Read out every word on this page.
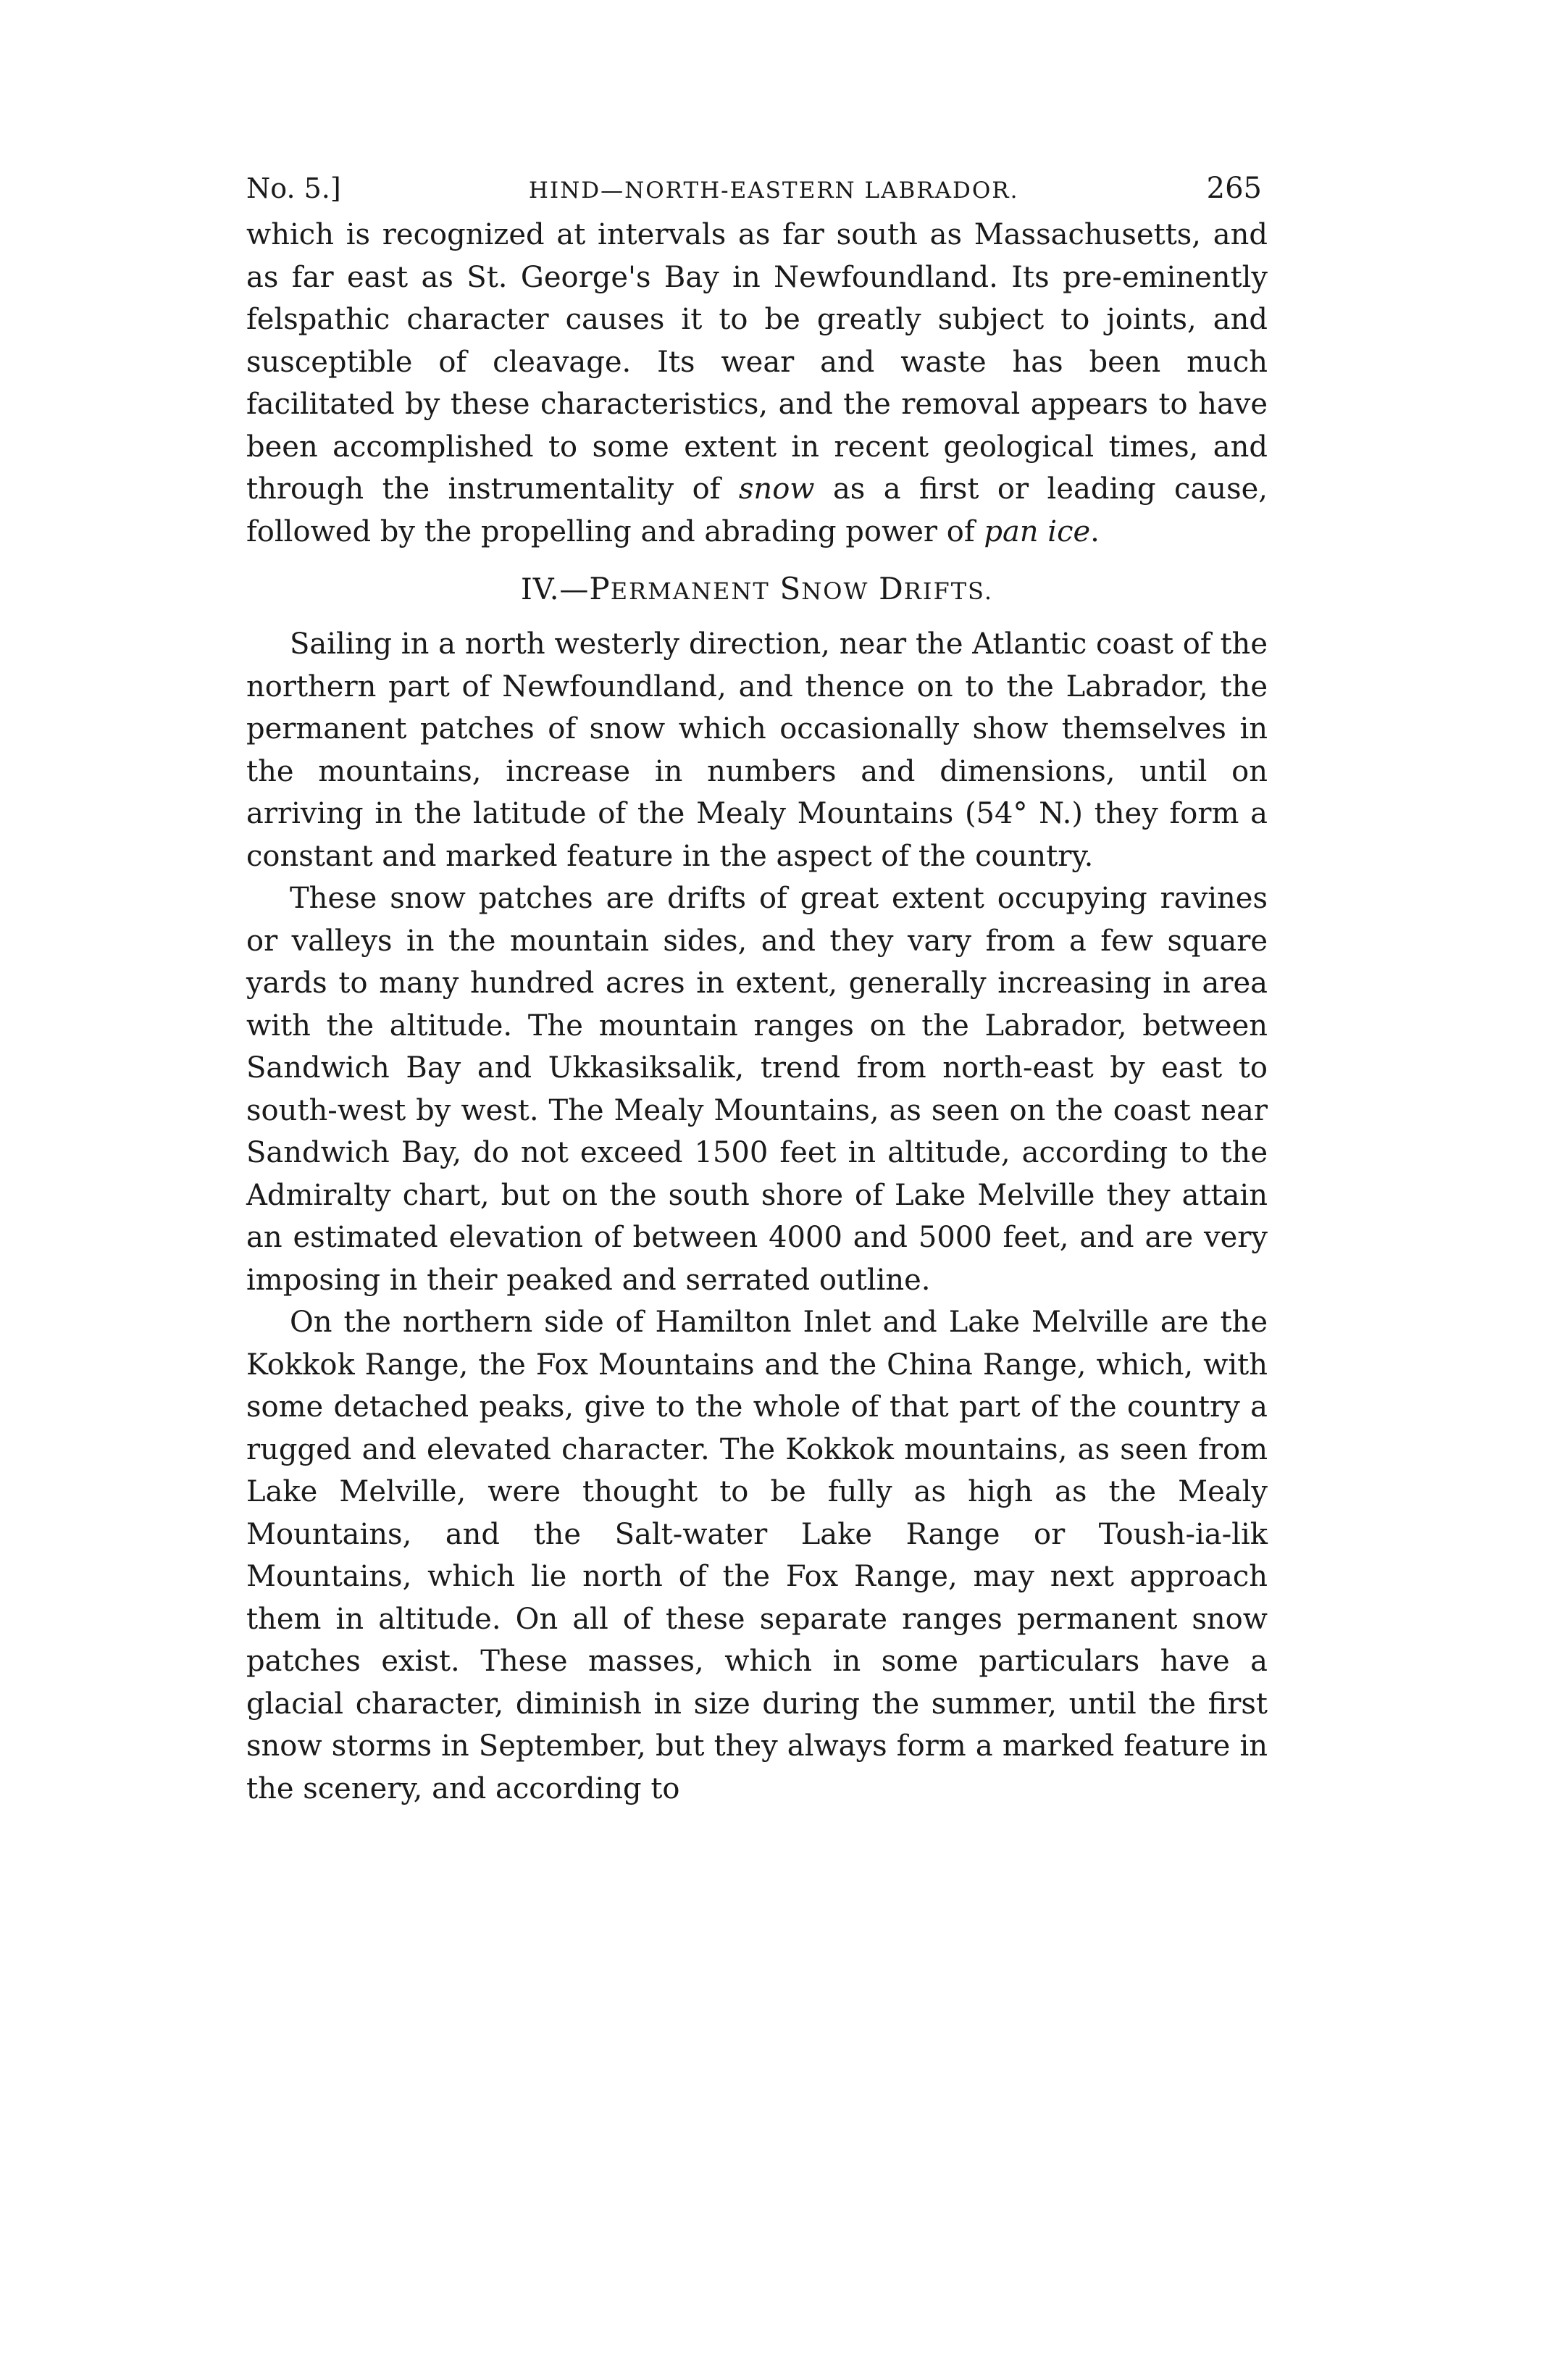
No. 5.]	HIND—NORTH-EASTERN LABRADOR.	265

which is recognized at intervals as far south as Massachusetts, and as far east as St. George's Bay in Newfoundland. Its pre-eminently felspathic character causes it to be greatly subject to joints, and susceptible of cleavage. Its wear and waste has been much facilitated by these characteristics, and the removal appears to have been accomplished to some extent in recent geological times, and through the instrumentality of snow as a first or leading cause, followed by the propelling and abrading power of pan ice.

IV.—PERMANENT SNOW DRIFTS.

Sailing in a north westerly direction, near the Atlantic coast of the northern part of Newfoundland, and thence on to the Labrador, the permanent patches of snow which occasionally show themselves in the mountains, increase in numbers and dimensions, until on arriving in the latitude of the Mealy Mountains (54° N.) they form a constant and marked feature in the aspect of the country.

These snow patches are drifts of great extent occupying ravines or valleys in the mountain sides, and they vary from a few square yards to many hundred acres in extent, generally increasing in area with the altitude. The mountain ranges on the Labrador, between Sandwich Bay and Ukkasiksalik, trend from north-east by east to south-west by west. The Mealy Mountains, as seen on the coast near Sandwich Bay, do not exceed 1500 feet in altitude, according to the Admiralty chart, but on the south shore of Lake Melville they attain an estimated elevation of between 4000 and 5000 feet, and are very imposing in their peaked and serrated outline.

On the northern side of Hamilton Inlet and Lake Melville are the Kokkok Range, the Fox Mountains and the China Range, which, with some detached peaks, give to the whole of that part of the country a rugged and elevated character. The Kokkok mountains, as seen from Lake Melville, were thought to be fully as high as the Mealy Mountains, and the Salt-water Lake Range or Toush-ia-lik Mountains, which lie north of the Fox Range, may next approach them in altitude. On all of these separate ranges permanent snow patches exist. These masses, which in some particulars have a glacial character, diminish in size during the summer, until the first snow storms in September, but they always form a marked feature in the scenery, and according to
